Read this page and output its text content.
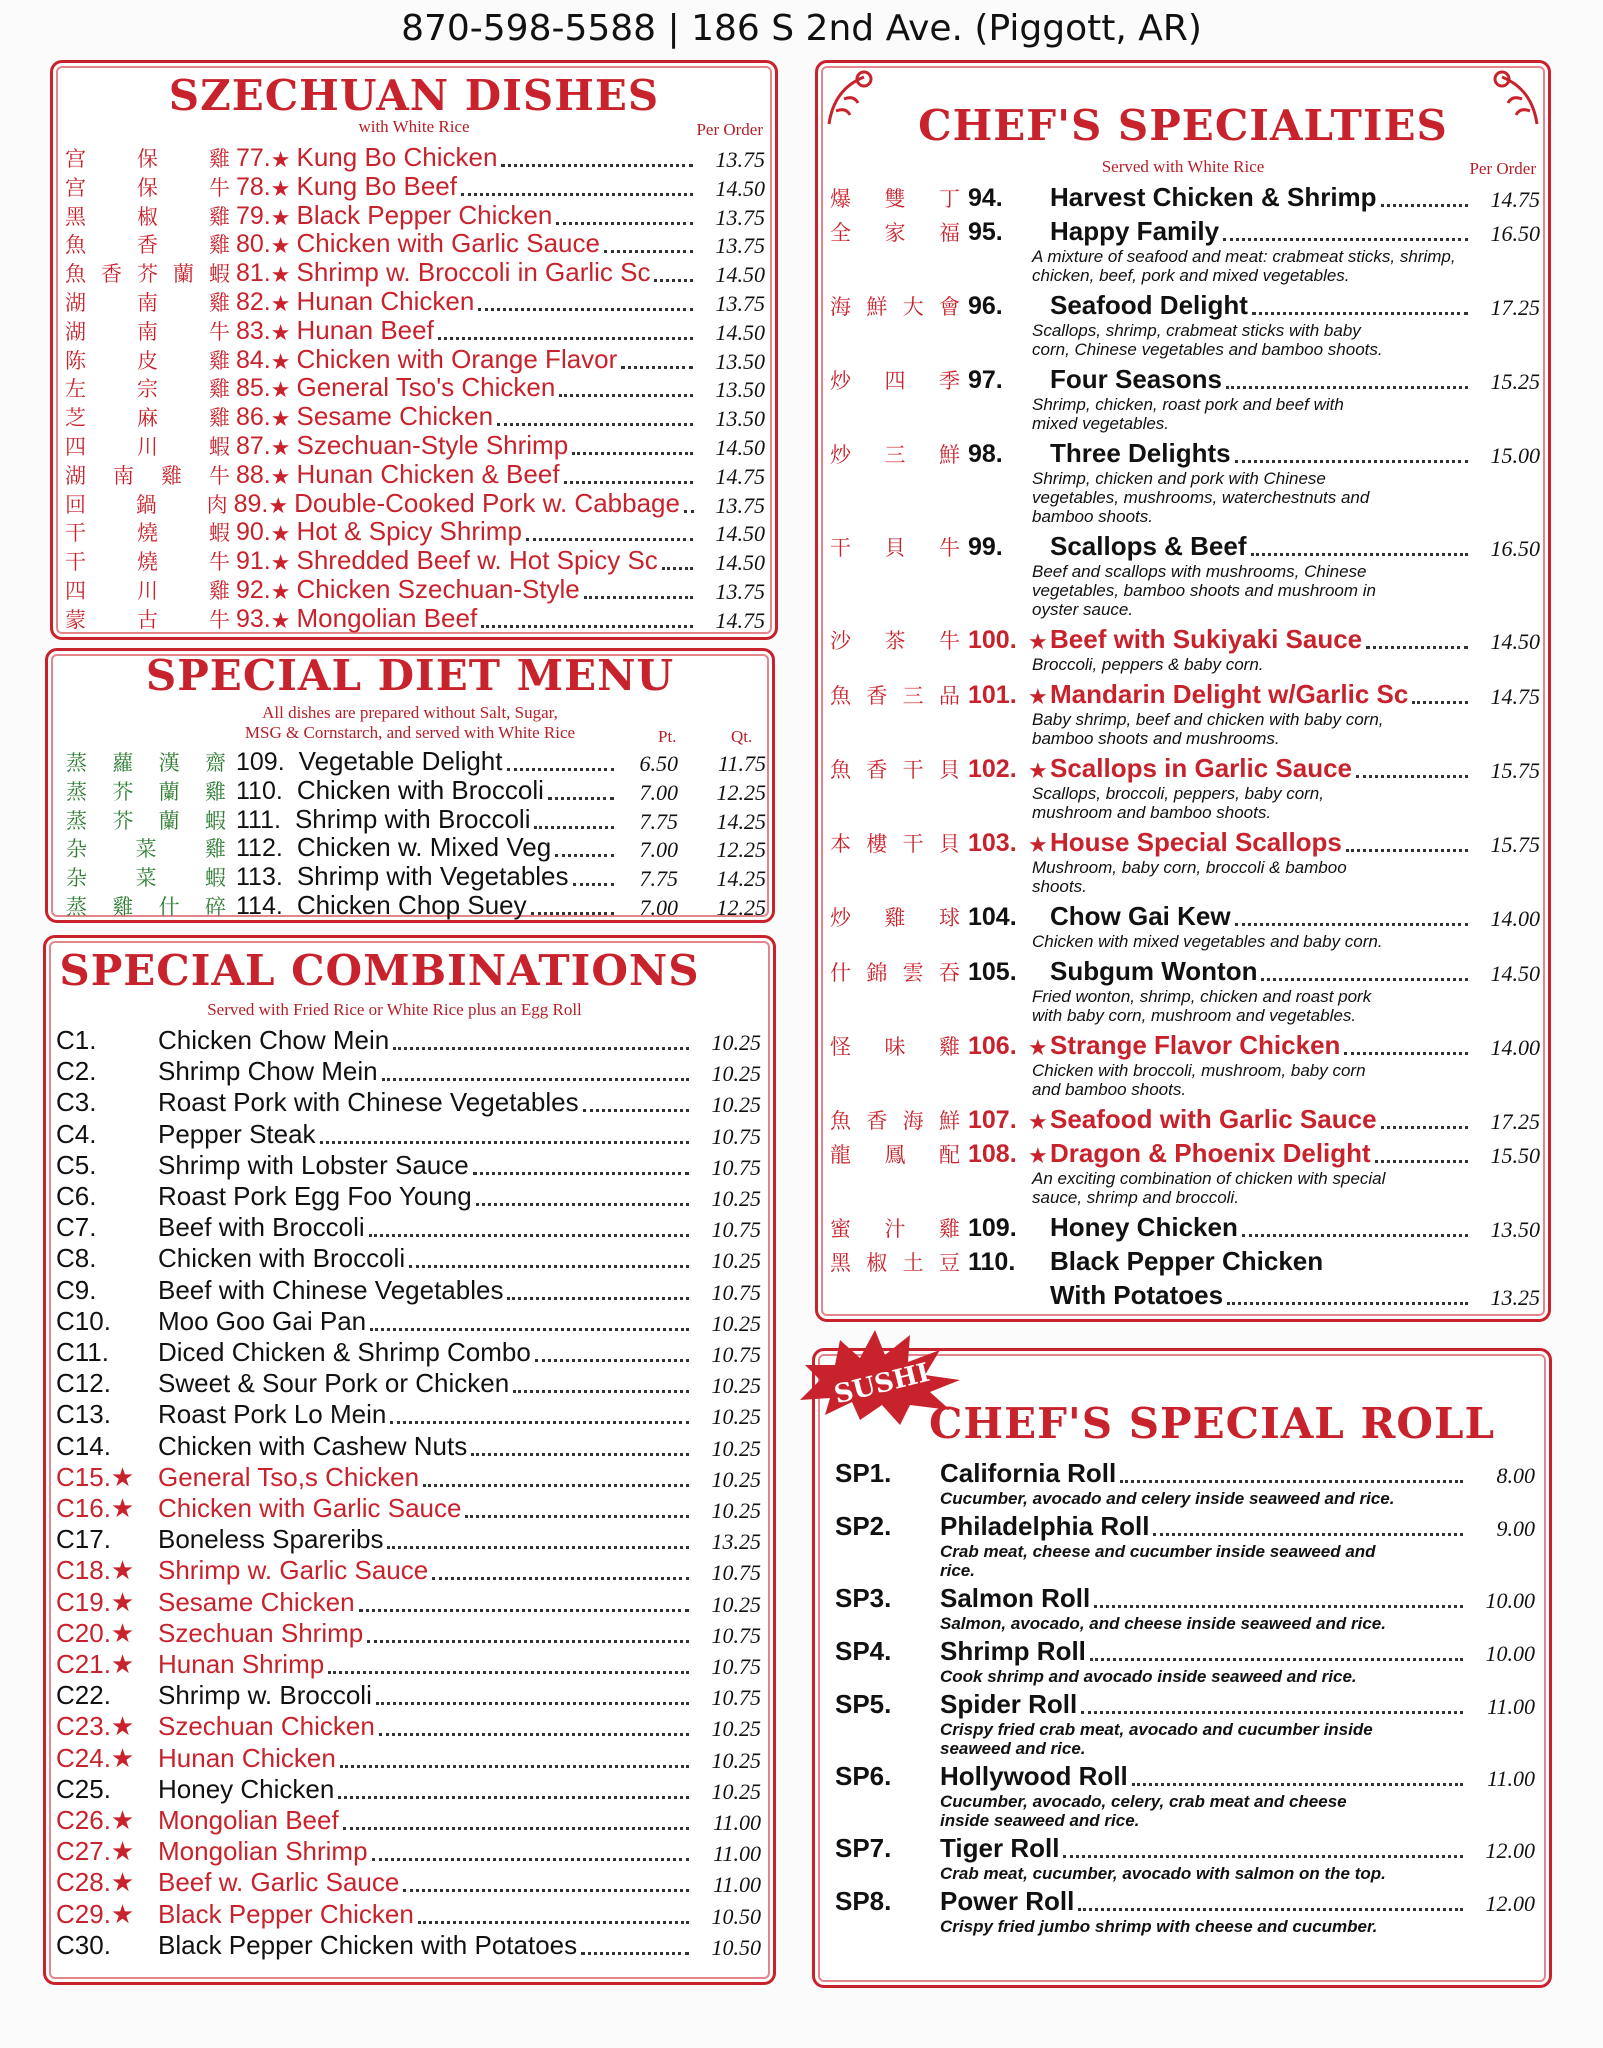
870-598-5588 | 186 S 2nd Ave. (Piggott, AR)
SZECHUAN DISHES
with White Rice	Per Order
宫 保 雞 77. ★ Kung Bo Chicken	13.75
宫 保 牛 78. ★ Kung Bo Beef	14.50
黑 椒 雞 79. ★ Black Pepper Chicken	13.75
魚 香 雞 80. ★ Chicken with Garlic Sauce	13.75
魚 香 芥 蘭 蝦 81. ★ Shrimp w. Broccoli in Garlic Sc	14.50
湖 南 雞 82. ★ Hunan Chicken	13.75
湖 南 牛 83. ★ Hunan Beef	14.50
陈 皮 雞 84. ★ Chicken with Orange Flavor	13.50
左 宗 雞 85. ★ General Tso's Chicken	13.50
芝 麻 雞 86. ★ Sesame Chicken	13.50
四 川 蝦 87. ★ Szechuan-Style Shrimp	14.50
湖 南 雞 牛 88. ★ Hunan Chicken & Beef	14.75
回 鍋 肉 89. ★ Double-Cooked Pork w. Cabbage	13.75
干 燒 蝦 90. ★ Hot & Spicy Shrimp	14.50
干 燒 牛 91. ★ Shredded Beef w. Hot Spicy Sc	14.50
四 川 雞 92. ★ Chicken Szechuan-Style	13.75
蒙 古 牛 93. ★ Mongolian Beef	14.75
SPECIAL DIET MENU
All dishes are prepared without Salt, Sugar,
MSG & Cornstarch, and served with White Rice	Pt.	Qt.
蒸 蘿 漢 齋 109. Vegetable Delight	6.50	11.75
蒸 芥 蘭 雞 110. Chicken with Broccoli	7.00	12.25
蒸 芥 蘭 蝦 111. Shrimp with Broccoli	7.75	14.25
杂 菜 雞 112. Chicken w. Mixed Veg	7.00	12.25
杂 菜 蝦 113. Shrimp with Vegetables	7.75	14.25
蒸 雞 什 碎 114. Chicken Chop Suey	7.00	12.25
SPECIAL COMBINATIONS
Served with Fried Rice or White Rice plus an Egg Roll
C1.	Chicken Chow Mein	10.25
C2.	Shrimp Chow Mein	10.25
C3.	Roast Pork with Chinese Vegetables	10.25
C4.	Pepper Steak	10.75
C5.	Shrimp with Lobster Sauce	10.75
C6.	Roast Pork Egg Foo Young	10.25
C7.	Beef with Broccoli	10.75
C8.	Chicken with Broccoli	10.25
C9.	Beef with Chinese Vegetables	10.75
C10.	Moo Goo Gai Pan	10.25
C11.	Diced Chicken & Shrimp Combo	10.75
C12.	Sweet & Sour Pork or Chicken	10.25
C13.	Roast Pork Lo Mein	10.25
C14.	Chicken with Cashew Nuts	10.25
C15.★ General Tso,s Chicken	10.25
C16.★ Chicken with Garlic Sauce	10.25
C17.	Boneless Spareribs	13.25
C18.★ Shrimp w. Garlic Sauce	10.75
C19.★ Sesame Chicken	10.25
C20.★ Szechuan Shrimp	10.75
C21.★ Hunan Shrimp	10.75
C22.	Shrimp w. Broccoli	10.75
C23.★ Szechuan Chicken	10.25
C24.★ Hunan Chicken	10.25
C25.	Honey Chicken	10.25
C26.★ Mongolian Beef	11.00
C27.★ Mongolian Shrimp	11.00
C28.★ Beef w. Garlic Sauce	11.00
C29.★ Black Pepper Chicken	10.50
C30.	Black Pepper Chicken with Potatoes	10.50
CHEF'S SPECIALTIES
Served with White Rice	Per Order
爆 雙 丁 94.	Harvest Chicken & Shrimp	14.75
全 家 福 95.	Happy Family	16.50
A mixture of seafood and meat: crabmeat sticks, shrimp,
chicken, beef, pork and mixed vegetables.
海 鮮 大 會 96.	Seafood Delight	17.25
Scallops, shrimp, crabmeat sticks with baby
corn, Chinese vegetables and bamboo shoots.
炒 四 季 97.	Four Seasons	15.25
Shrimp, chicken, roast pork and beef with
mixed vegetables.
炒 三 鮮 98.	Three Delights	15.00
Shrimp, chicken and pork with Chinese
vegetables, mushrooms, waterchestnuts and
bamboo shoots.
干 貝 牛 99.	Scallops & Beef	16.50
Beef and scallops with mushrooms, Chinese
vegetables, bamboo shoots and mushroom in
oyster sauce.
沙 茶 牛 100. ★ Beef with Sukiyaki Sauce	14.50
Broccoli, peppers & baby corn.
魚 香 三 品 101. ★ Mandarin Delight w/Garlic Sc	14.75
Baby shrimp, beef and chicken with baby corn,
bamboo shoots and mushrooms.
魚 香 干 貝 102. ★ Scallops in Garlic Sauce	15.75
Scallops, broccoli, peppers, baby corn,
mushroom and bamboo shoots.
本 樓 干 貝 103. ★ House Special Scallops	15.75
Mushroom, baby corn, broccoli & bamboo
shoots.
炒 雞 球 104.	Chow Gai Kew	14.00
Chicken with mixed vegetables and baby corn.
什 錦 雲 吞 105.	Subgum Wonton	14.50
Fried wonton, shrimp, chicken and roast pork
with baby corn, mushroom and vegetables.
怪 味 雞 106. ★ Strange Flavor Chicken	14.00
Chicken with broccoli, mushroom, baby corn
and bamboo shoots.
魚 香 海 鮮 107. ★ Seafood with Garlic Sauce	17.25
龍 鳳 配 108. ★ Dragon & Phoenix Delight	15.50
An exciting combination of chicken with special
sauce, shrimp and broccoli.
蜜 汁 雞 109.	Honey Chicken	13.50
黑 椒 土 豆 110.	Black Pepper Chicken
With Potatoes	13.25
CHEF'S SPECIAL ROLL
SP1.	California Roll	8.00
Cucumber, avocado and celery inside seaweed and rice.
SP2.	Philadelphia Roll	9.00
Crab meat, cheese and cucumber inside seaweed and
rice.
SP3.	Salmon Roll	10.00
Salmon, avocado, and cheese inside seaweed and rice.
SP4.	Shrimp Roll	10.00
Cook shrimp and avocado inside seaweed and rice.
SP5.	Spider Roll	11.00
Crispy fried crab meat, avocado and cucumber inside
seaweed and rice.
SP6.	Hollywood Roll	11.00
Cucumber, avocado, celery, crab meat and cheese
inside seaweed and rice.
SP7.	Tiger Roll	12.00
Crab meat, cucumber, avocado with salmon on the top.
SP8.	Power Roll	12.00
Crispy fried jumbo shrimp with cheese and cucumber.
SUSHI
